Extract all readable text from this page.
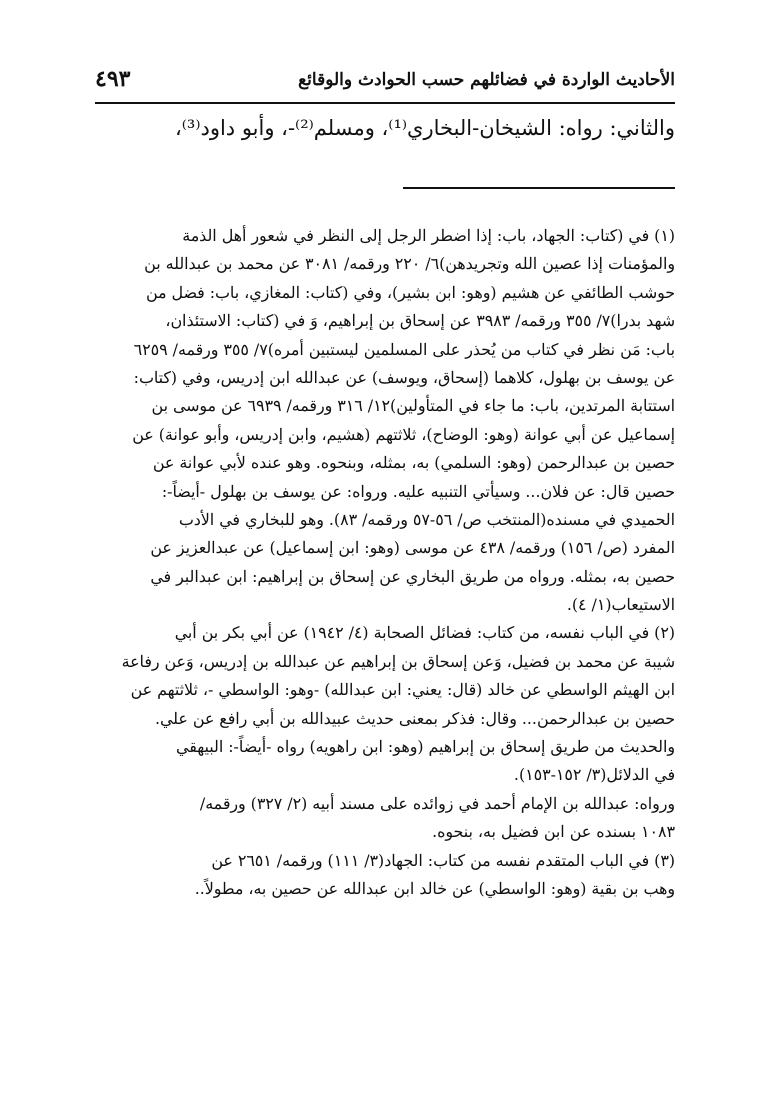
الأحاديث الواردة في فضائلهم حسب الحوادث والوقائع
٤٩٣
والثاني: رواه: الشيخان-البخاري⁽¹⁾، ومسلم⁽²⁾-، وأبو داود⁽³⁾،
(١) في (كتاب: الجهاد، باب: إذا اضطر الرجل إلى النظر في شعور أهل الذمة
والمؤمنات إذا عصين الله وتجريدهن)٦/ ٢٢٠ ورقمه/ ٣٠٨١ عن محمد بن عبدالله بن
حوشب الطائفي عن هشيم (وهو: ابن بشير)، وفي (كتاب: المغازي، باب: فضل من
شهد بدرا)٧/ ٣٥٥ ورقمه/ ٣٩٨٣ عن إسحاق بن إبراهيم، وَ في (كتاب: الاستئذان،
باب: مَن نظر في كتاب من يُحذر على المسلمين ليستبين أمره)٧/ ٣٥٥ ورقمه/ ٦٢٥٩
عن يوسف بن بهلول، كلاهما (إسحاق، ويوسف) عن عبدالله ابن إدريس، وفي (كتاب:
استتابة المرتدين، باب: ما جاء في المتأولين)١٢/ ٣١٦ ورقمه/ ٦٩٣٩ عن موسى بن
إسماعيل عن أبي عوانة (وهو: الوضاح)، ثلاثتهم (هشيم، وابن إدريس، وأبو عوانة) عن
حصين بن عبدالرحمن (وهو: السلمي) به، بمثله، وبنحوه. وهو عنده لأبي عوانة عن
حصين قال: عن فلان... وسيأتي التنبيه عليه. ورواه: عن يوسف بن بهلول -أيضاً-:
الحميدي في مسنده(المنتخب ص/ ٥٦-٥٧ ورقمه/ ٨٣). وهو للبخاري في الأدب
المفرد (ص/ ١٥٦) ورقمه/ ٤٣٨ عن موسى (وهو: ابن إسماعيل) عن عبدالعزيز عن
حصين به، بمثله. ورواه من طريق البخاري عن إسحاق بن إبراهيم: ابن عبدالبر في
الاستيعاب(١/ ٤).
(٢) في الباب نفسه، من كتاب: فضائل الصحابة (٤/ ١٩٤٢) عن أبي بكر بن أبي
شيبة عن محمد بن فضيل، وَعن إسحاق بن إبراهيم عن عبدالله بن إدريس، وَعن رفاعة
ابن الهيثم الواسطي عن خالد (قال: يعني: ابن عبدالله) -وهو: الواسطي -، ثلاثتهم عن
حصين بن عبدالرحمن... وقال: فذكر بمعنى حديث عبيدالله بن أبي رافع عن علي.
والحديث من طريق إسحاق بن إبراهيم (وهو: ابن راهويه) رواه -أيضاً-: البيهقي
في الدلائل(٣/ ١٥٢-١٥٣).
ورواه: عبدالله بن الإمام أحمد في زوائده على مسند أبيه (٢/ ٣٢٧) ورقمه/
١٠٨٣ بسنده عن ابن فضيل به، بنحوه.
(٣) في الباب المتقدم نفسه من كتاب: الجهاد(٣/ ١١١) ورقمه/ ٢٦٥١ عن
وهب بن بقية (وهو: الواسطي) عن خالد ابن عبدالله عن حصين به، مطولاً..
